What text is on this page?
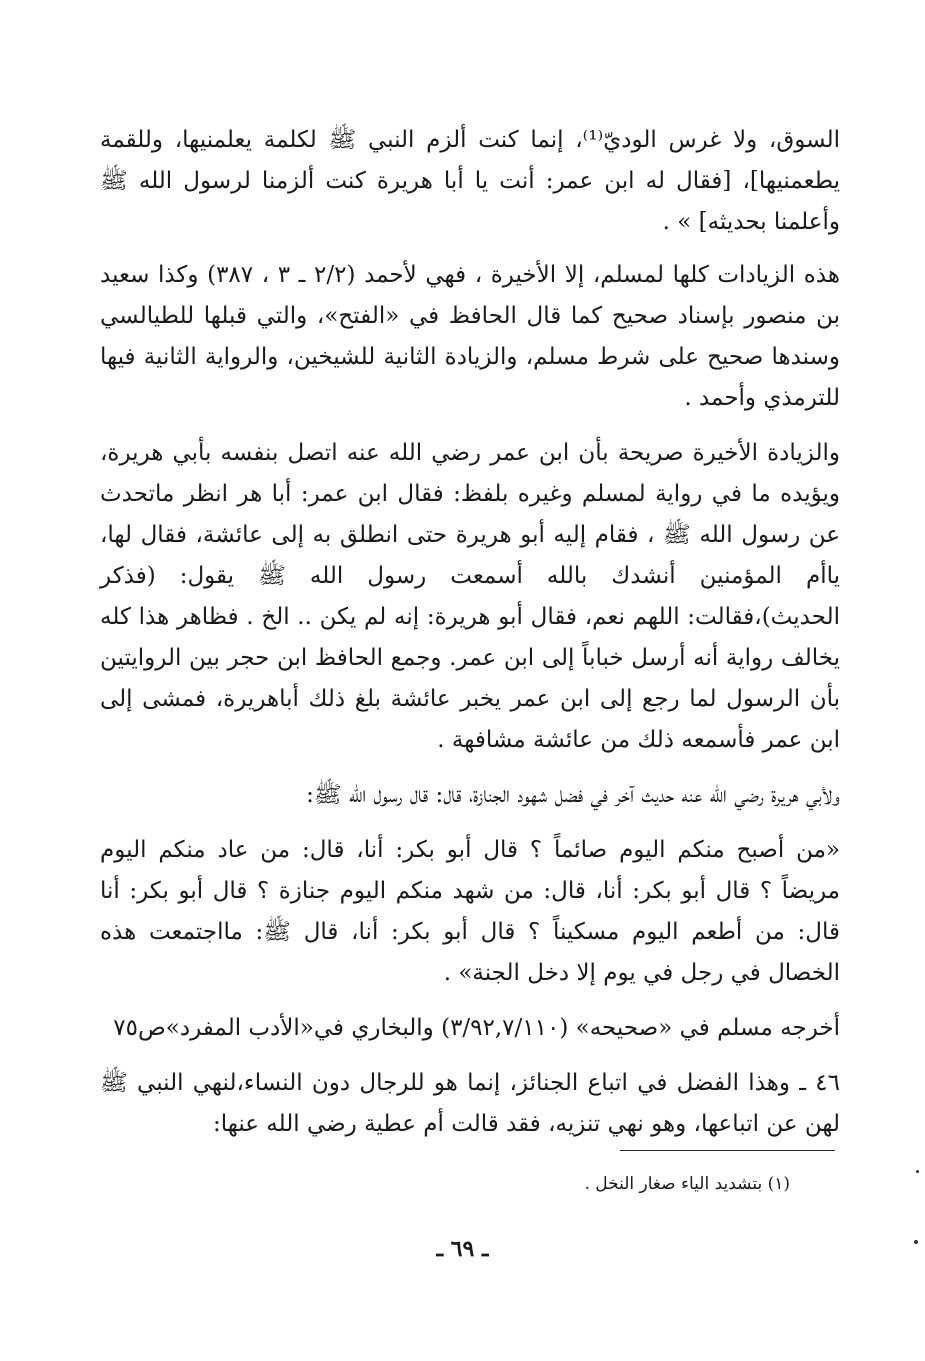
السوق، ولا غرس الوديّ⁽¹⁾، إنما كنت ألزم النبي ﷺ لكلمة يعلمنيها، وللقمة يطعمنيها]، [فقال له ابن عمر: أنت يا أبا هريرة كنت ألزمنا لرسول الله ﷺ وأعلمنا بحديثه] » .

هذه الزيادات كلها لمسلم، إلا الأخيرة ، فهي لأحمد (٢/٢ ـ ٣ ، ٣٨٧) وكذا سعيد بن منصور بإسناد صحيح كما قال الحافظ في «الفتح»، والتي قبلها للطيالسي وسندها صحيح على شرط مسلم، والزيادة الثانية للشيخين، والرواية الثانية فيها للترمذي وأحمد .

والزيادة الأخيرة صريحة بأن ابن عمر رضي الله عنه اتصل بنفسه بأبي هريرة، ويؤيده ما في رواية لمسلم وغيره بلفظ: فقال ابن عمر: أبا هر انظر ماتحدث عن رسول الله ﷺ ، فقام إليه أبو هريرة حتى انطلق به إلى عائشة، فقال لها، ياأم المؤمنين أنشدك بالله أسمعت رسول الله ﷺ يقول: (فذكر الحديث)،فقالت: اللهم نعم، فقال أبو هريرة: إنه لم يكن .. الخ . فظاهر هذا كله يخالف رواية أنه أرسل خباباً إلى ابن عمر. وجمع الحافظ ابن حجر بين الروايتين بأن الرسول لما رجع إلى ابن عمر يخبر عائشة بلغ ذلك أباهريرة، فمشى إلى ابن عمر فأسمعه ذلك من عائشة مشافهة .

ولأبي هريرة رضي الله عنه حديث آخر في فضل شهود الجنازة، قال: قال رسول الله ﷺ:

«من أصبح منكم اليوم صائماً ؟ قال أبو بكر: أنا، قال: من عاد منكم اليوم مريضاً ؟ قال أبو بكر: أنا، قال: من شهد منكم اليوم جنازة ؟ قال أبو بكر: أنا قال: من أطعم اليوم مسكيناً ؟ قال أبو بكر: أنا، قال ﷺ: مااجتمعت هذه الخصال في رجل في يوم إلا دخل الجنة» .

أخرجه مسلم في «صحيحه» (٣/٩٢,٧/١١٠) والبخاري في«الأدب المفرد»ص٧٥

٤٦ ـ وهذا الفضل في اتباع الجنائز، إنما هو للرجال دون النساء،لنهي النبي ﷺ لهن عن اتباعها، وهو نهي تنزيه، فقد قالت أم عطية رضي الله عنها:

(١) بتشديد الياء صغار النخل .
ـ ٦٩ ـ
